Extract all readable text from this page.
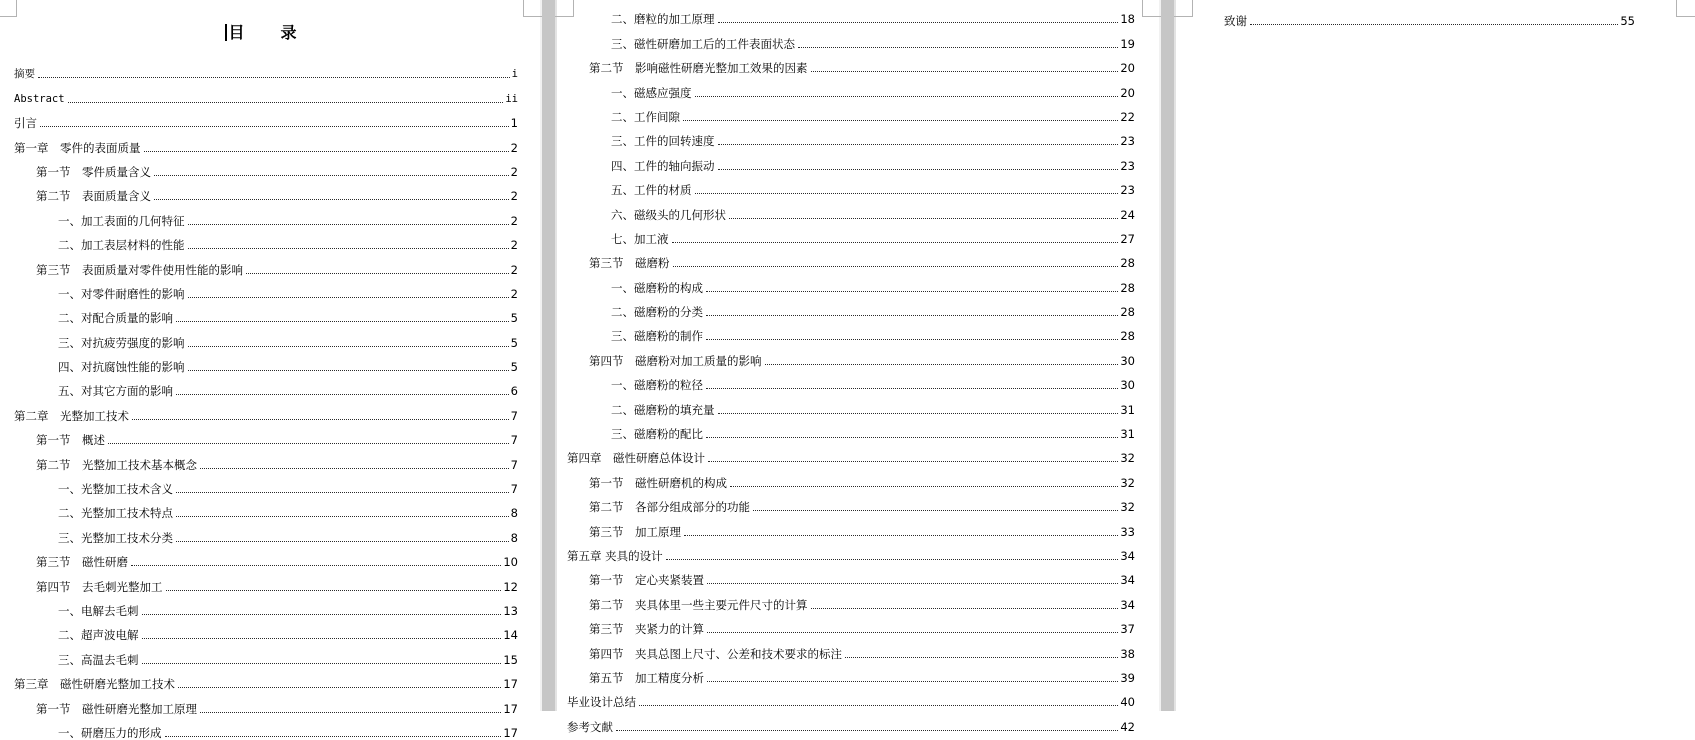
目　录
摘要	i
Abstract	ii
引言	1
第一章　零件的表面质量	2
第一节　零件质量含义	2
第二节　表面质量含义	2
一、加工表面的几何特征	2
二、加工表层材料的性能	2
第三节　表面质量对零件使用性能的影响	2
一、对零件耐磨性的影响	2
二、对配合质量的影响	5
三、对抗疲劳强度的影响	5
四、对抗腐蚀性能的影响	5
五、对其它方面的影响	6
第二章　光整加工技术	7
第一节　概述	7
第二节　光整加工技术基本概念	7
一、光整加工技术含义	7
二、光整加工技术特点	8
三、光整加工技术分类	8
第三节　磁性研磨	10
第四节　去毛刺光整加工	12
一、电解去毛刺	13
二、超声波电解	14
三、高温去毛刺	15
第三章　磁性研磨光整加工技术	17
第一节　磁性研磨光整加工原理	17
一、研磨压力的形成	17
二、磨粒的加工原理	18
三、磁性研磨加工后的工件表面状态	19
第二节　影响磁性研磨光整加工效果的因素	20
一、磁感应强度	20
二、工作间隙	22
三、工件的回转速度	23
四、工件的轴向振动	23
五、工件的材质	23
六、磁级头的几何形状	24
七、加工液	27
第三节　磁磨粉	28
一、磁磨粉的构成	28
二、磁磨粉的分类	28
三、磁磨粉的制作	28
第四节　磁磨粉对加工质量的影响	30
一、磁磨粉的粒径	30
二、磁磨粉的填充量	31
三、磁磨粉的配比	31
第四章　磁性研磨总体设计	32
第一节　磁性研磨机的构成	32
第二节　各部分组成部分的功能	32
第三节　加工原理	33
第五章 夹具的设计	34
第一节　定心夹紧装置	34
第二节　夹具体里一些主要元件尺寸的计算	34
第三节　夹紧力的计算	37
第四节　夹具总图上尺寸、公差和技术要求的标注	38
第五节　加工精度分析	39
毕业设计总结	40
参考文献	42
致谢	55
